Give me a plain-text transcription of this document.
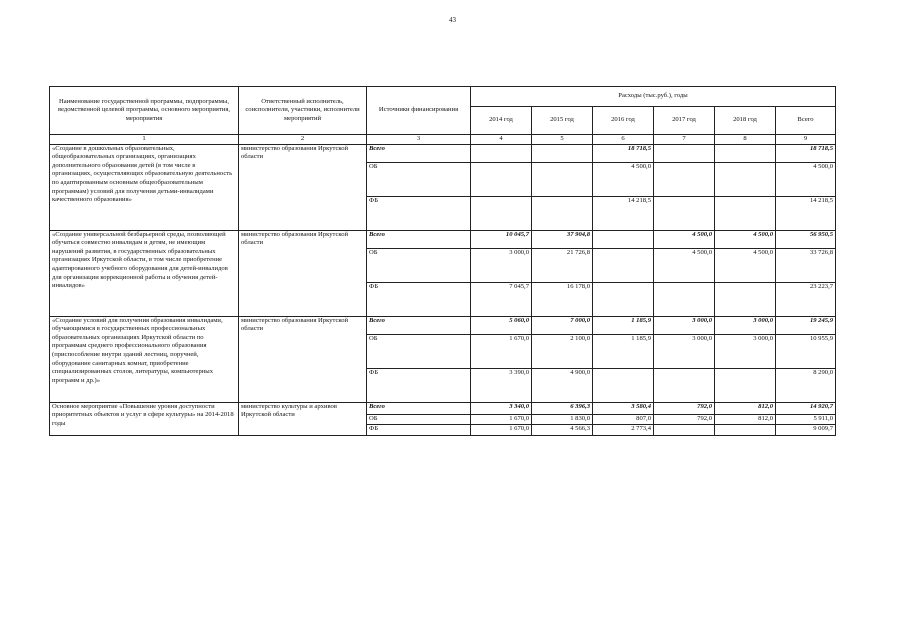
43
Наименование государственной программы, подпрограммы, ведомственной целевой программы, основного мероприятия, мероприятия	Ответственный исполнитель, соисполнители, участники, исполнители мероприятий	Источники финансирования	Расходы (тыс.руб.), годы					
			2014 год	2015 год	2016 год	2017 год	2018 год	Всего
1	2	3	4	5	6	7	8	9
«Создание в дошкольных образовательных, общеобразовательных организациях, организациях дополнительного образования детей (в том числе в организациях, осуществляющих образовательную деятельность по адаптированным основным общеобразовательным программам) условий для получения детьми-инвалидами качественного образования»	министерство образования Иркутской области	Всего			18 718,5			18 718,5
		ОБ			4 500,0			4 500,0
		ФБ			14 218,5			14 218,5
«Создание универсальной безбарьерной среды, позволяющей обучаться совместно инвалидам и детям, не имеющим нарушений развития, в государственных образовательных организациях Иркутской области, в том числе приобретение адаптированного учебного оборудования для детей-инвалидов для организации коррекционной работы и обучения детей-инвалидов»	министерство образования Иркутской области	Всего	10 045,7	37 904,8		4 500,0	4 500,0	56 950,5
		ОБ	3 000,0	21 726,8		4 500,0	4 500,0	33 726,8
		ФБ	7 045,7	16 178,0				23 223,7
«Создание условий для получения образования инвалидами, обучающимися в государственных профессиональных образовательных организациях Иркутской области по программам среднего профессионального образования (приспособление внутри зданий лестниц, поручней, оборудование санитарных комнат, приобретение специализированных столов, литературы, компьютерных программ и др.)»	министерство образования Иркутской области	Всего	5 060,0	7 000,0	1 185,9	3 000,0	3 000,0	19 245,9
		ОБ	1 670,0	2 100,0	1 185,9	3 000,0	3 000,0	10 955,9
		ФБ	3 390,0	4 900,0				8 290,0
Основное мероприятие «Повышение уровня доступности приоритетных объектов и услуг в сфере культуры» на 2014-2018 годы	министерство культуры и архивов Иркутской области	Всего	3 340,0	6 396,3	3 580,4	792,0	812,0	14 920,7
		ОБ	1 670,0	1 830,0	807,0	792,0	812,0	5 911,0
		ФБ	1 670,0	4 566,3	2 773,4			9 009,7
